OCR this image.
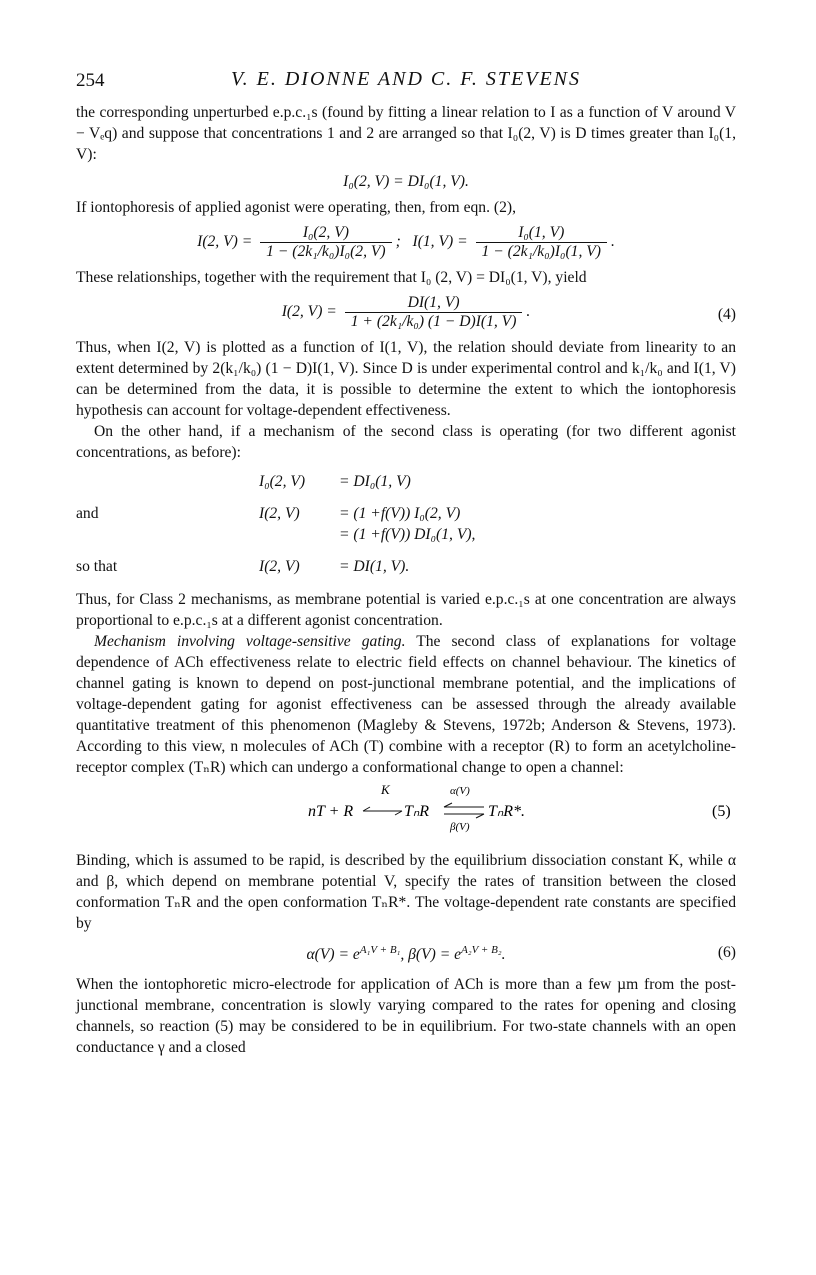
254	V. E. DIONNE AND C. F. STEVENS

the corresponding unperturbed e.p.c.₁s (found by fitting a linear relation to I as a function of V around V − Vₑq) and suppose that concentrations 1 and 2 are arranged so that I₀(2, V) is D times greater than I₀(1, V):

I₀(2, V) = DI₀(1, V).

If iontophoresis of applied agonist were operating, then, from eqn. (2),

I(2, $V) = \frac{\text{I₀(2, V)}}{\text{1 − (2k₁/k₀)I₀(2, V)}}$ ; I(1, $V) = \frac{\text{I₀(1, V)}}{\text{1 − (2k₁/k₀)I₀(1, V)}}$ .

These relationships, together with the requirement that I₀ (2, V) = DI₀(1, V), yield

I(2, $V) = \frac{DI(1, V)}{\text{1 + (2k₁/k₀) (1 − D)I(1, V)}}$ .	(4)

Thus, when I(2, V) is plotted as a function of I(1, V), the relation should deviate from linearity to an extent determined by 2(k₁/k₀) (1 − D)I(1, V). Since D is under experimental control and k₁/k₀ and I(1, V) can be determined from the data, it is possible to determine the extent to which the iontophoresis hypothesis can account for voltage-dependent effectiveness.

On the other hand, if a mechanism of the second class is operating (for two different agonist concentrations, as before):

I₀(2, V) = DI₀(1, V)
and	I(2, V)	= (1 +f(V)) I₀(2, V)
= (1 +f(V)) DI₀(1, V),
so that	I(2, V)	= DI(1, V).

Thus, for Class 2 mechanisms, as membrane potential is varied e.p.c.₁s at one concentration are always proportional to e.p.c.₁s at a different agonist concentration.

Mechanism involving voltage-sensitive gating. The second class of explanations for voltage dependence of ACh effectiveness relate to electric field effects on channel behaviour. The kinetics of channel gating is known to depend on post-junctional membrane potential, and the implications of voltage-dependent gating for agonist effectiveness can be assessed through the already available quantitative treatment of this phenomenon (Magleby & Stevens, 1972b; Anderson & Stevens, 1973). According to this view, n molecules of ACh (T) combine with a receptor (R) to form an acetylcholine-receptor complex (TₙR) which can undergo a conformational change to open a channel:

nT + R
K
TₙR
α(V)
β(V)
TₙR*.	(5)

Binding, which is assumed to be rapid, is described by the equilibrium dissociation constant K, while α and β, which depend on membrane potential V, specify the rates of transition between the closed conformation TₙR and the open conformation TₙR*. The voltage-dependent rate constants are specified by

$\alpha(V) = e^{A_1V + B_1}$, $\beta(V) = e^{A_2V + B_2}$.	(6)

When the iontophoretic micro-electrode for application of ACh is more than a few µm from the post-junctional membrane, concentration is slowly varying compared to the rates for opening and closing channels, so reaction (5) may be considered to be in equilibrium. For two-state channels with an open conductance γ and a closed
